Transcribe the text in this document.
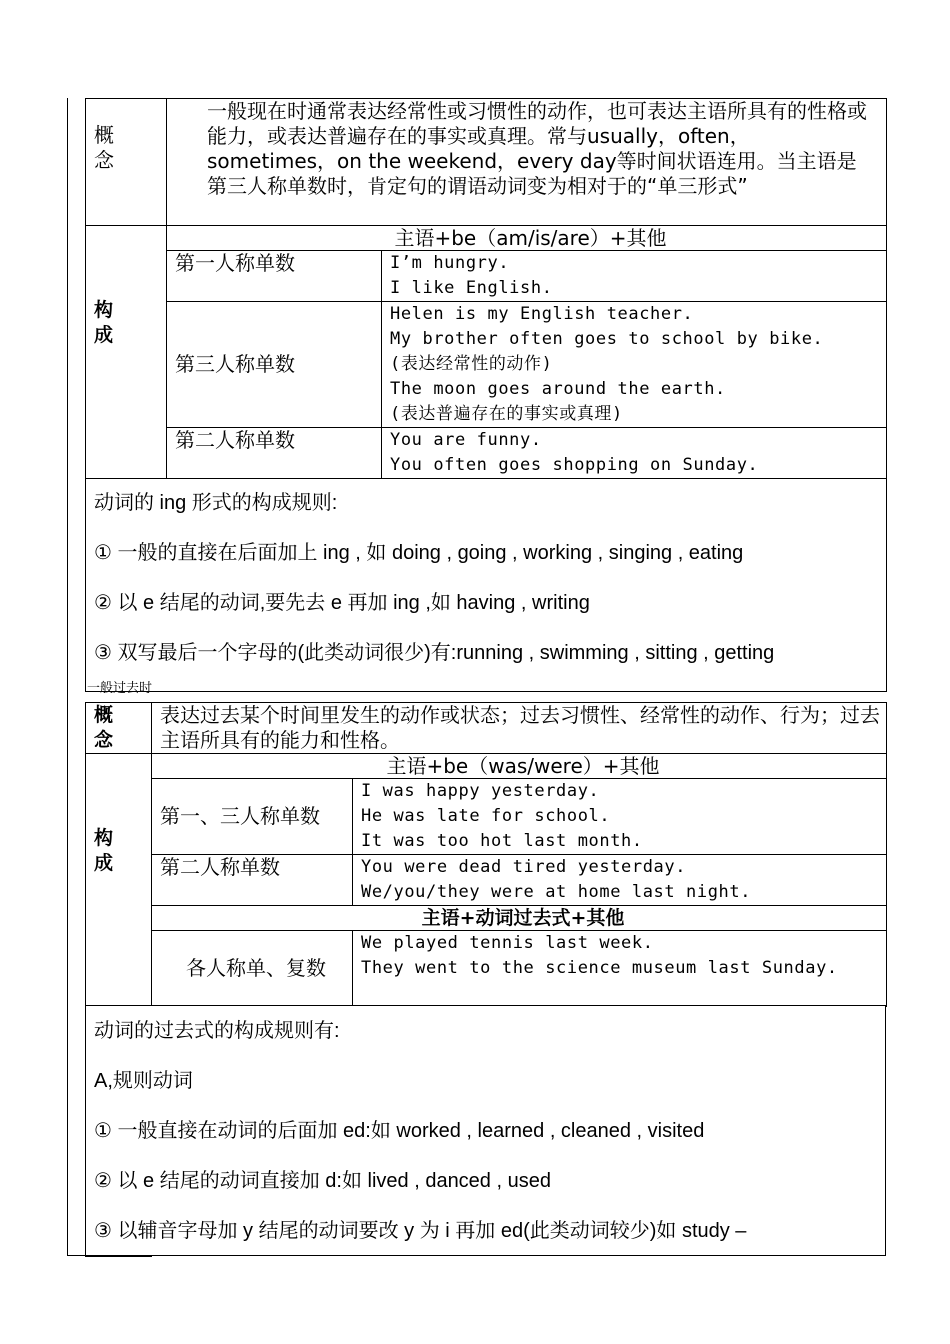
概
念	一般现在时通常表达经常性或习惯性的动作，也可表达主语所具有的性格或能力，或表达普遍存在的事实或真理。常与usually，often，sometimes，on the weekend，every day等时间状语连用。当主语是第三人称单数时，肯定句的谓语动词变为相对于的“单三形式”	

构
成	主语+be（am/is/are）+其他	
	第一人称单数	I’m hungry.
I like English.
	第三人称单数	Helen is my English teacher.
My brother often goes to school by bike.
(表达经常性的动作)
The moon goes around the earth.
(表达普遍存在的事实或真理)
	第二人称单数	You are funny.
You often goes shopping on Sunday.

动词的 ing 形式的构成规则:

① 一般的直接在后面加上 ing , 如 doing , going , working , singing , eating

② 以 e 结尾的动词,要先去 e 再加 ing ,如 having , writing

③ 双写最后一个字母的(此类动词很少)有:running , swimming , sitting , getting		

一般过去时
概
念	表达过去某个时间里发生的动作或状态；过去习惯性、经常性的动作、行为；过去主语所具有的能力和性格。	
构
成	主语+be（was/were）+其他	
	第一、三人称单数	I was happy yesterday.
He was late for school.
It was too hot last month.
	第二人称单数	You were dead tired yesterday.
We/you/they were at home last night.
	主语+动词过去式+其他	
	各人称单、复数	We played tennis last week.
They went to the science museum last Sunday.

动词的过去式的构成规则有:

A,规则动词

① 一般直接在动词的后面加 ed:如 worked , learned , cleaned , visited

② 以 e 结尾的动词直接加 d:如 lived , danced , used

③ 以辅音字母加 y 结尾的动词要改 y 为 i 再加 ed(此类动词较少)如 study –
